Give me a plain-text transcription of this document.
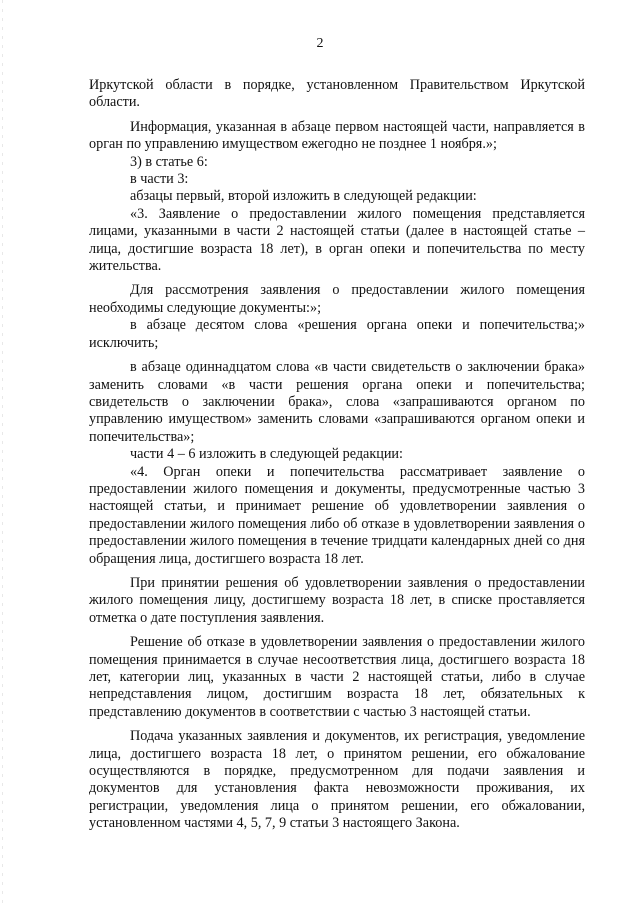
2

Иркутской области в порядке, установленном Правительством Иркутской области.

Информация, указанная в абзаце первом настоящей части, направляется в орган по управлению имуществом ежегодно не позднее 1 ноября.»;

3) в статье 6:

в части 3:

абзацы первый, второй изложить в следующей редакции:

«3. Заявление о предоставлении жилого помещения представляется лицами, указанными в части 2 настоящей статьи (далее в настоящей статье – лица, достигшие возраста 18 лет), в орган опеки и попечительства по месту жительства.

Для рассмотрения заявления о предоставлении жилого помещения необходимы следующие документы:»;

в абзаце десятом слова «решения органа опеки и попечительства;» исключить;

в абзаце одиннадцатом слова «в части свидетельств о заключении брака» заменить словами «в части решения органа опеки и попечительства; свидетельств о заключении брака», слова «запрашиваются органом по управлению имуществом» заменить словами «запрашиваются органом опеки и попечительства»;

части 4 – 6 изложить в следующей редакции:

«4. Орган опеки и попечительства рассматривает заявление о предоставлении жилого помещения и документы, предусмотренные частью 3 настоящей статьи, и принимает решение об удовлетворении заявления о предоставлении жилого помещения либо об отказе в удовлетворении заявления о предоставлении жилого помещения в течение тридцати календарных дней со дня обращения лица, достигшего возраста 18 лет.

При принятии решения об удовлетворении заявления о предоставлении жилого помещения лицу, достигшему возраста 18 лет, в списке проставляется отметка о дате поступления заявления.

Решение об отказе в удовлетворении заявления о предоставлении жилого помещения принимается в случае несоответствия лица, достигшего возраста 18 лет, категории лиц, указанных в части 2 настоящей статьи, либо в случае непредставления лицом, достигшим возраста 18 лет, обязательных к представлению документов в соответствии с частью 3 настоящей статьи.

Подача указанных заявления и документов, их регистрация, уведомление лица, достигшего возраста 18 лет, о принятом решении, его обжалование осуществляются в порядке, предусмотренном для подачи заявления и документов для установления факта невозможности проживания, их регистрации, уведомления лица о принятом решении, его обжаловании, установленном частями 4, 5, 7, 9 статьи 3 настоящего Закона.
